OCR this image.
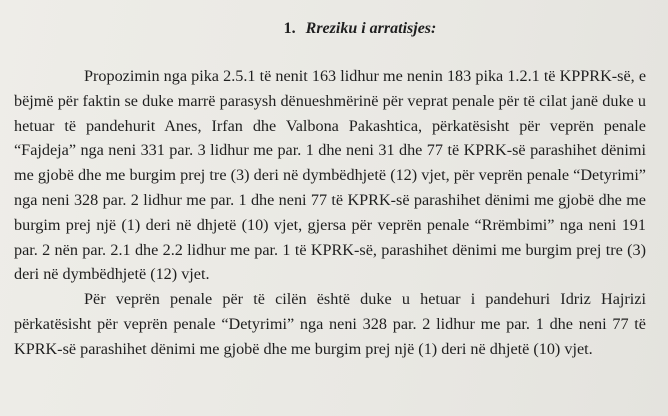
1. Rreziku i arratisjes:

Propozimin nga pika 2.5.1 të nenit 163 lidhur me nenin 183 pika 1.2.1 të KPPRK-së, e bëjmë për faktin se duke marrë parasysh dënueshmërinë për veprat penale për të cilat janë duke u hetuar të pandehurit Anes, Irfan dhe Valbona Pakashtica, përkatësisht për veprën penale “Fajdeja” nga neni 331 par. 3 lidhur me par. 1 dhe neni 31 dhe 77 të KPRK-së parashihet dënimi me gjobë dhe me burgim prej tre (3) deri në dymbëdhjetë (12) vjet, për veprën penale “Detyrimi” nga neni 328 par. 2 lidhur me par. 1 dhe neni 77 të KPRK-së parashihet dënimi me gjobë dhe me burgim prej një (1) deri në dhjetë (10) vjet, gjersa për veprën penale “Rrëmbimi” nga neni 191 par. 2 nën par. 2.1 dhe 2.2 lidhur me par. 1 të KPRK-së, parashihet dënimi me burgim prej tre (3) deri në dymbëdhjetë (12) vjet.

Për veprën penale për të cilën është duke u hetuar i pandehuri Idriz Hajrizi përkatësisht për veprën penale “Detyrimi” nga neni 328 par. 2 lidhur me par. 1 dhe neni 77 të KPRK-së parashihet dënimi me gjobë dhe me burgim prej një (1) deri në dhjetë (10) vjet.
